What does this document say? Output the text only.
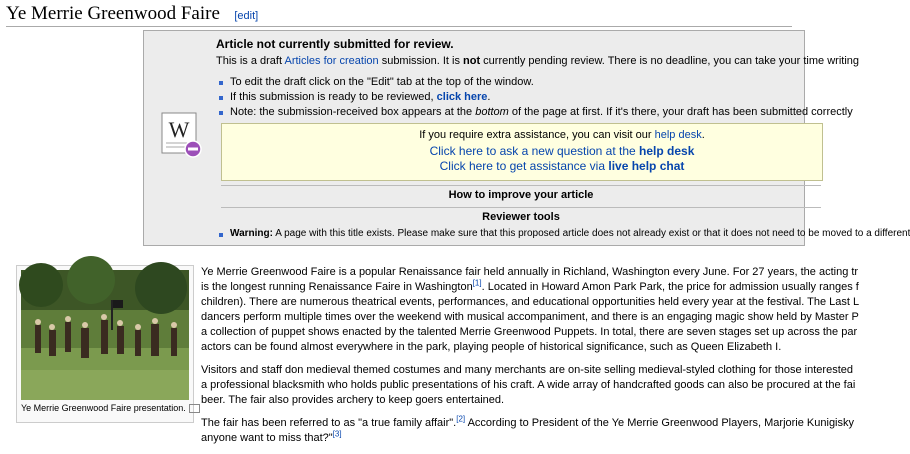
Ye Merrie Greenwood Faire [edit]
Article not currently submitted for review.
This is a draft Articles for creation submission. It is not currently pending review. There is no deadline, you can take your time writing
To edit the draft click on the "Edit" tab at the top of the window.
If this submission is ready to be reviewed, click here.
Note: the submission-received box appears at the bottom of the page at first. If it's there, your draft has been submitted correctly
W	If you require extra assistance, you can visit our help desk.
Click here to ask a new question at the help desk
Click here to get assistance via live help chat
How to improve your article
Reviewer tools
Warning: A page with this title exists. Please make sure that this proposed article does not already exist or that it does not need to be moved to a different
Ye Merrie Greenwood Faire presentation.

Ye Merrie Greenwood Faire is a popular Renaissance fair held annually in Richland, Washington every June. For 27 years, the acting tr
is the longest running Renaissance Faire in Washington[1]. Located in Howard Amon Park Park, the price for admission usually ranges f
children). There are numerous theatrical events, performances, and educational opportunities held every year at the festival. The Last L
dancers perform multiple times over the weekend with musical accompaniment, and there is an engaging magic show held by Master P
a collection of puppet shows enacted by the talented Merrie Greenwood Puppets. In total, there are seven stages set up across the par
actors can be found almost everywhere in the park, playing people of historical significance, such as Queen Elizabeth I.

Visitors and staff don medieval themed costumes and many merchants are on-site selling medieval-styled clothing for those interested
a professional blacksmith who holds public presentations of his craft. A wide array of handcrafted goods can also be procured at the fai
beer. The fair also provides archery to keep goers entertained.

The fair has been referred to as "a true family affair".[2] According to President of the Ye Merrie Greenwood Players, Marjorie Kunigisky
anyone want to miss that?"[3]
